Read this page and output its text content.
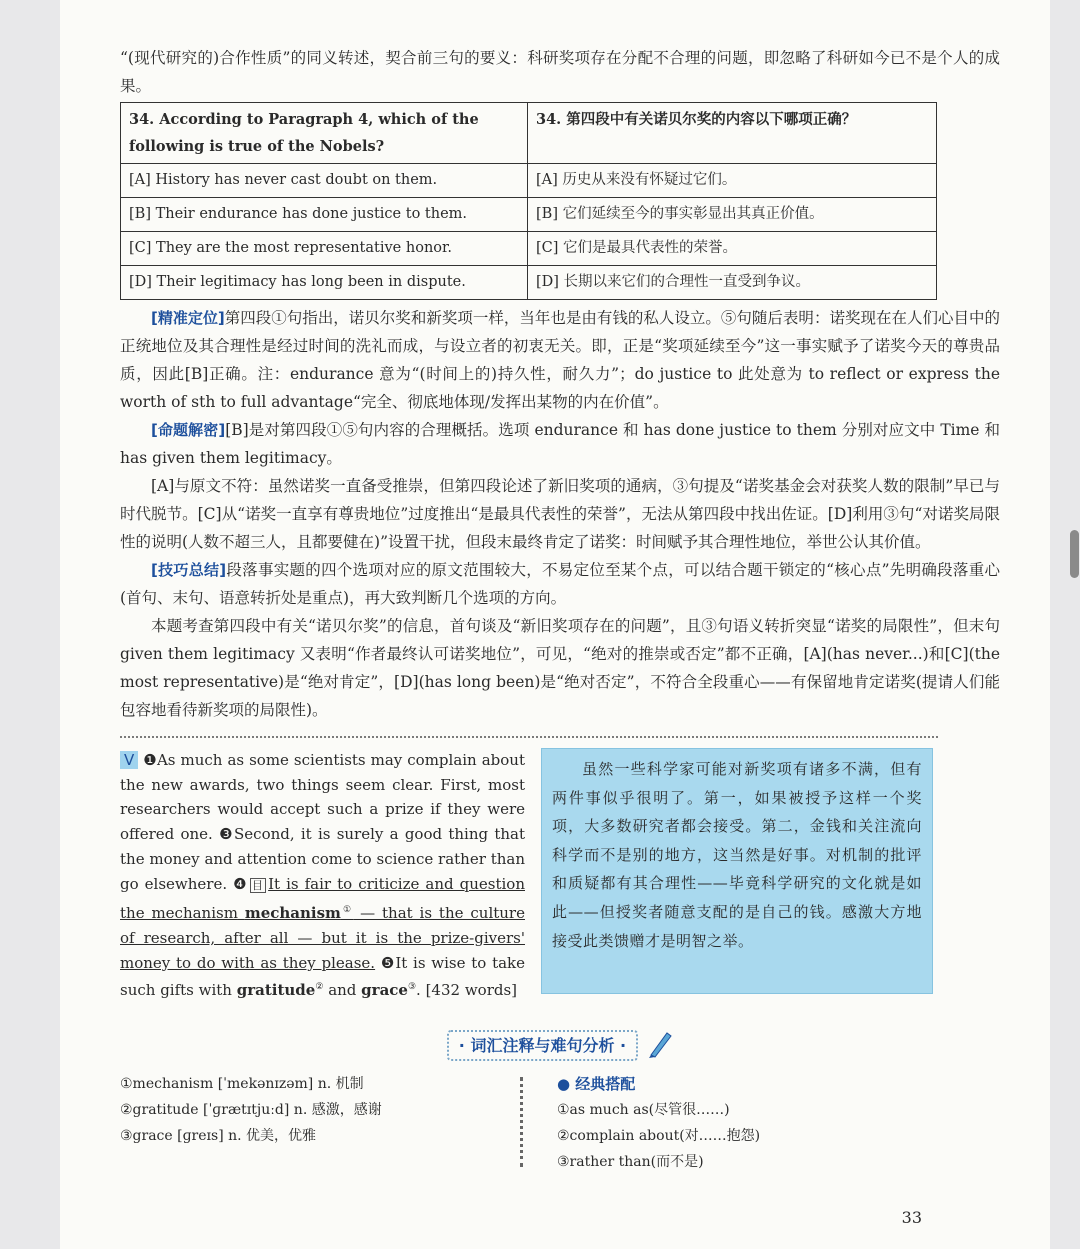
“(现代研究的)合作性质”的同义转述，契合前三句的要义：科研奖项存在分配不合理的问题，即忽略了科研如今已不是个人的成果。

34. According to Paragraph 4, which of the following is true of the Nobels?	34. 第四段中有关诺贝尔奖的内容以下哪项正确？
[A] History has never cast doubt on them.	[A] 历史从来没有怀疑过它们。
[B] Their endurance has done justice to them.	[B] 它们延续至今的事实彰显出其真正价值。
[C] They are the most representative honor.	[C] 它们是最具代表性的荣誉。
[D] Their legitimacy has long been in dispute.	[D] 长期以来它们的合理性一直受到争议。

[精准定位]第四段①句指出，诺贝尔奖和新奖项一样，当年也是由有钱的私人设立。⑤句随后表明：诺奖现在在人们心目中的正统地位及其合理性是经过时间的洗礼而成，与设立者的初衷无关。即，正是“奖项延续至今”这一事实赋予了诺奖今天的尊贵品质，因此[B]正确。注：endurance 意为“(时间上的)持久性，耐久力”；do justice to 此处意为 to reflect or express the worth of sth to full advantage“完全、彻底地体现/发挥出某物的内在价值”。

[命题解密][B]是对第四段①⑤句内容的合理概括。选项 endurance 和 has done justice to them 分别对应文中 Time 和 has given them legitimacy。

[A]与原文不符：虽然诺奖一直备受推崇，但第四段论述了新旧奖项的通病，③句提及“诺奖基金会对获奖人数的限制”早已与时代脱节。[C]从“诺奖一直享有尊贵地位”过度推出“是最具代表性的荣誉”，无法从第四段中找出佐证。[D]利用③句“对诺奖局限性的说明(人数不超三人，且都要健在)”设置干扰，但段末最终肯定了诺奖：时间赋予其合理性地位，举世公认其价值。

[技巧总结]段落事实题的四个选项对应的原文范围较大，不易定位至某个点，可以结合题干锁定的“核心点”先明确段落重心(首句、末句、语意转折处是重点)，再大致判断几个选项的方向。

本题考查第四段中有关“诺贝尔奖”的信息，首句谈及“新旧奖项存在的问题”，且③句语义转折突显“诺奖的局限性”，但末句 given them legitimacy 又表明“作者最终认可诺奖地位”，可见，“绝对的推崇或否定”都不正确，[A](has never...)和[C](the most representative)是“绝对肯定”，[D](has long been)是“绝对否定”，不符合全段重心——有保留地肯定诺奖(提请人们能包容地看待新奖项的局限性)。

V ❶As much as some scientists may complain about the new awards, two things seem clear. First, most researchers would accept such a prize if they were offered one. ❸Second, it is surely a good thing that the money and attention come to science rather than go elsewhere. ❹ 目 It is fair to criticize and question the mechanism mechanism① — that is the culture of research, after all — but it is the prize-givers' money to do with as they please. ❺It is wise to take such gifts with gratitude② and grace③. [432 words]
虽然一些科学家可能对新奖项有诸多不满，但有两件事似乎很明了。第一，如果被授予这样一个奖项，大多数研究者都会接受。第二，金钱和关注流向科学而不是别的地方，这当然是好事。对机制的批评和质疑都有其合理性——毕竟科学研究的文化就是如此——但授奖者随意支配的是自己的钱。感激大方地接受此类馈赠才是明智之举。
· 词汇注释与难句分析 ·
①mechanism [ˈmekənɪzəm] n. 机制
②gratitude [ˈɡrætɪtjuːd] n. 感激，感谢
③grace [ɡreɪs] n. 优美，优雅
● 经典搭配
①as much as(尽管很……)
②complain about(对……抱怨)
③rather than(而不是)
33
